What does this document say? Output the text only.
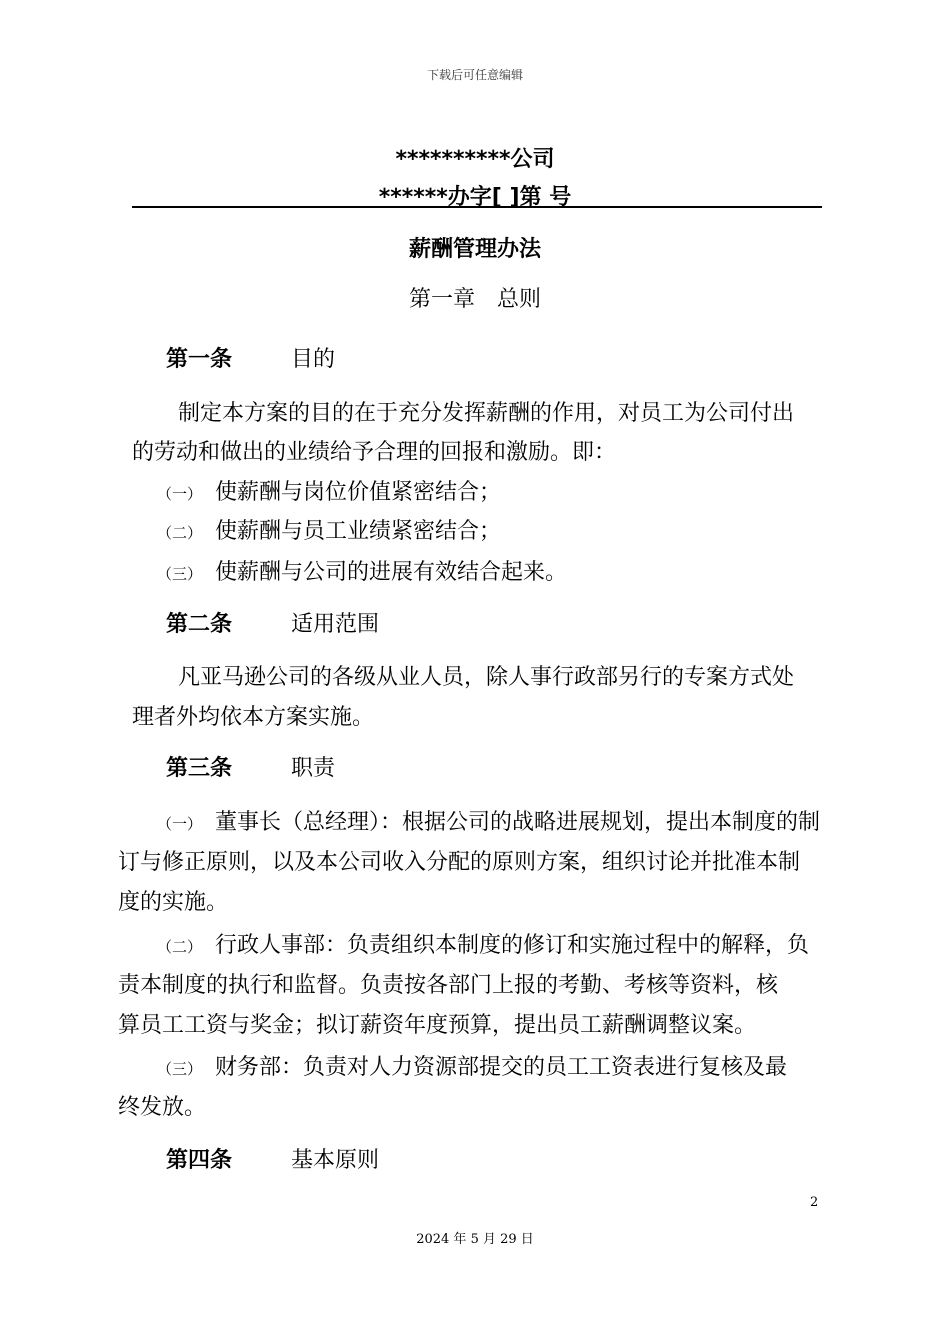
下载后可任意编辑
**********公司
******办字[ ]第 号
薪酬管理办法
第一章　总则
第一条	目的
制定本方案的目的在于充分发挥薪酬的作用，对员工为公司付出
的劳动和做出的业绩给予合理的回报和激励。即：
（一） 使薪酬与岗位价值紧密结合；
（二） 使薪酬与员工业绩紧密结合；
（三） 使薪酬与公司的进展有效结合起来。
第二条	适用范围
凡亚马逊公司的各级从业人员，除人事行政部另行的专案方式处
理者外均依本方案实施。
第三条	职责
（一） 董事长（总经理）：根据公司的战略进展规划，提出本制度的制
订与修正原则，以及本公司收入分配的原则方案，组织讨论并批准本制
度的实施。
（二） 行政人事部：负责组织本制度的修订和实施过程中的解释，负
责本制度的执行和监督。负责按各部门上报的考勤、考核等资料，核
算员工工资与奖金；拟订薪资年度预算，提出员工薪酬调整议案。
（三） 财务部：负责对人力资源部提交的员工工资表进行复核及最
终发放。
第四条	基本原则
2
2024 年 5 月 29 日
